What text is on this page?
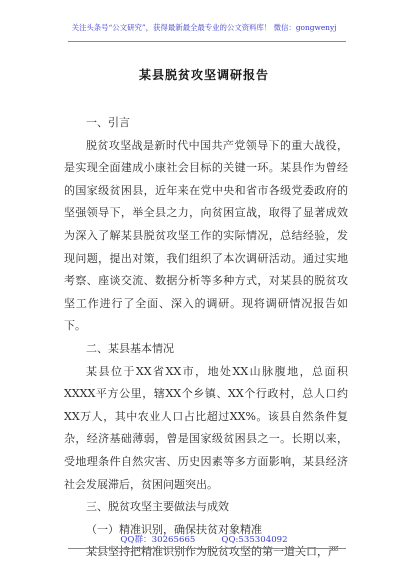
关注头条号“公文研究”，获得最新最全最专业的公文资料库！ 微信：gongwenyj
某县脱贫攻坚调研报告

一、引言

脱贫攻坚战是新时代中国共产党领导下的重大战役，是实现全面建成小康社会目标的关键一环。某县作为曾经的国家级贫困县，近年来在党中央和省市各级党委政府的坚强领导下，举全县之力，向贫困宣战，取得了显著成效为深入了解某县脱贫攻坚工作的实际情况，总结经验，发现问题，提出对策，我们组织了本次调研活动。通过实地考察、座谈交流、数据分析等多种方式，对某县的脱贫攻坚工作进行了全面、深入的调研。现将调研情况报告如下。

二、某县基本情况

某县位于XX省XX市，地处XX山脉腹地，总面积XXXX平方公里，辖XX个乡镇、XX个行政村，总人口约XX万人，其中农业人口占比超过XX%。该县自然条件复杂，经济基础薄弱，曾是国家级贫困县之一。长期以来，受地理条件自然灾害、历史因素等多方面影响，某县经济社会发展滞后，贫困问题突出。

三、脱贫攻坚主要做法与成效

（一）精准识别，确保扶贫对象精准

某县坚持把精准识别作为脱贫攻坚的第一道关口，严

QQ群：30265665	QQ:535304092
